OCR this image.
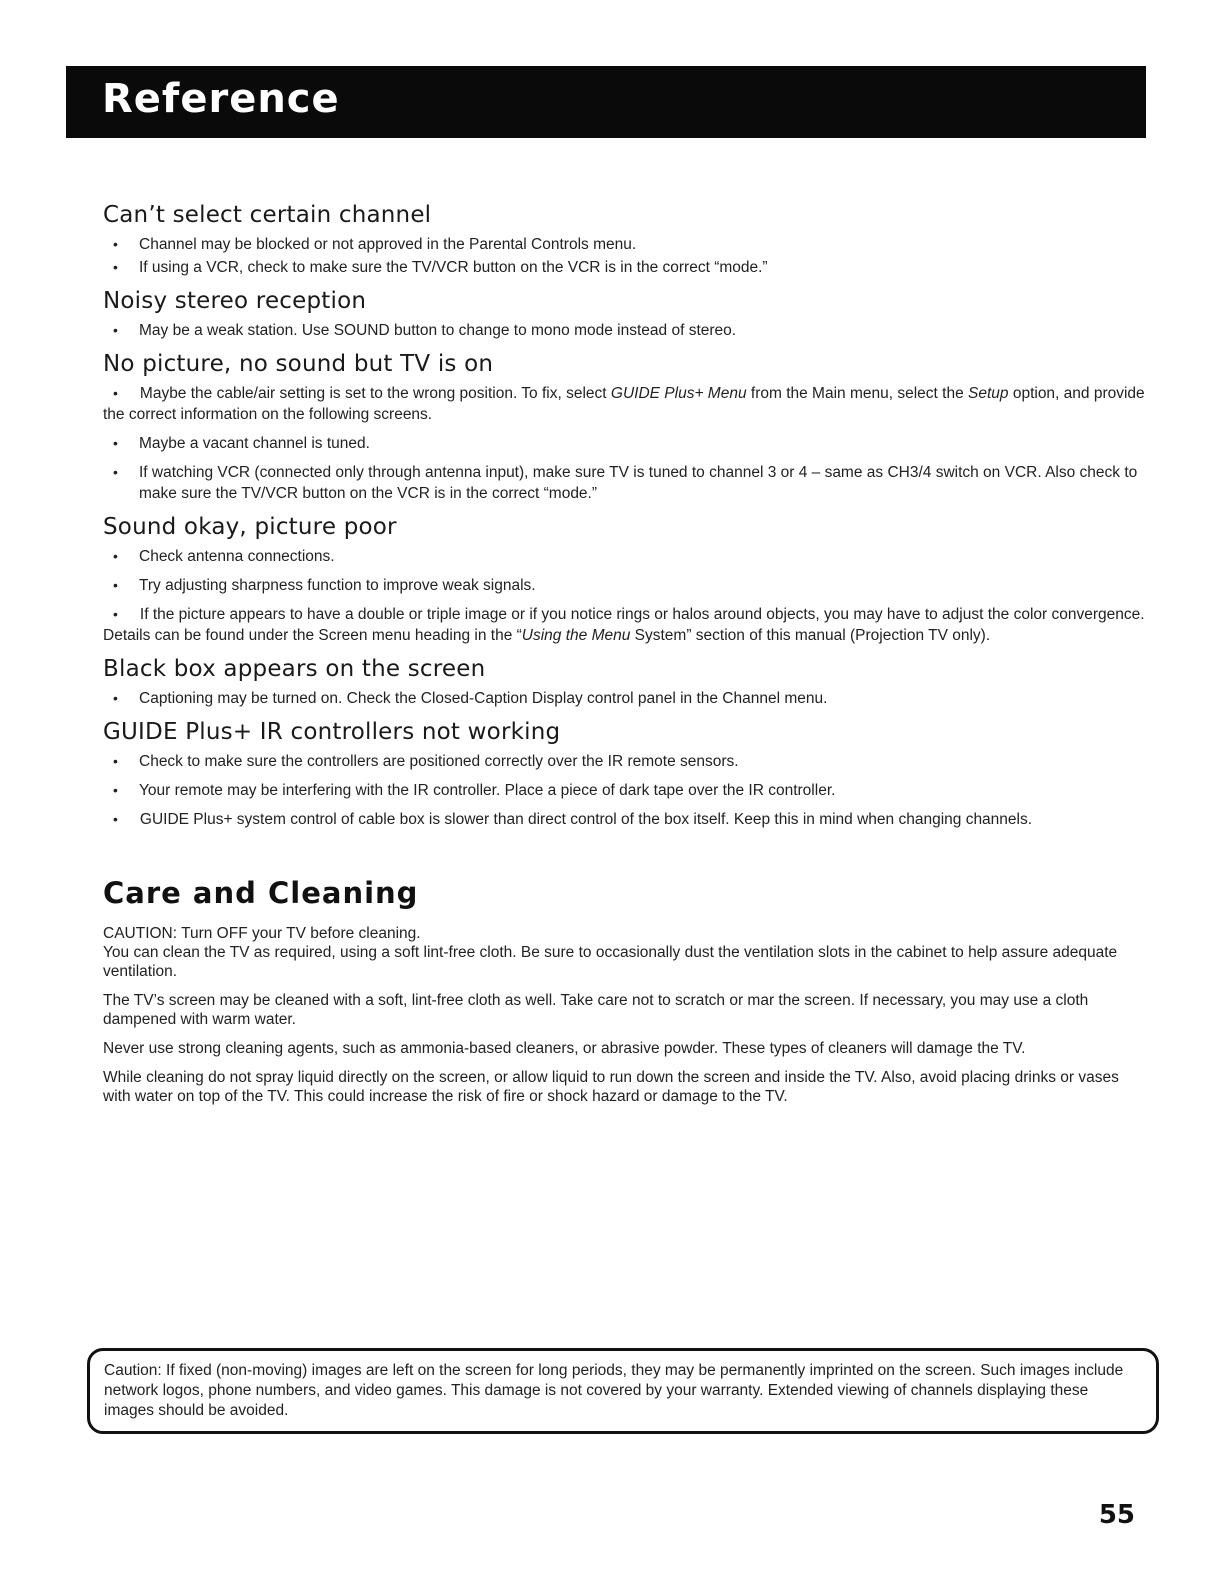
Reference
Can’t select certain channel
• Channel may be blocked or not approved in the Parental Controls menu.
• If using a VCR, check to make sure the TV/VCR button on the VCR is in the correct “mode.”
Noisy stereo reception
• May be a weak station. Use SOUND button to change to mono mode instead of stereo.
No picture, no sound but TV is on
• Maybe the cable/air setting is set to the wrong position. To fix, select GUIDE Plus+ Menu from the Main menu, select the Setup option, and provide the correct information on the following screens.
• Maybe a vacant channel is tuned.
• If watching VCR (connected only through antenna input), make sure TV is tuned to channel 3 or 4 – same as CH3/4 switch on VCR. Also check to make sure the TV/VCR button on the VCR is in the correct “mode.”
Sound okay, picture poor
• Check antenna connections.
• Try adjusting sharpness function to improve weak signals.
• If the picture appears to have a double or triple image or if you notice rings or halos around objects, you may have to adjust the color convergence. Details can be found under the Screen menu heading in the “Using the Menu System” section of this manual (Projection TV only).
Black box appears on the screen
• Captioning may be turned on. Check the Closed-Caption Display control panel in the Channel menu.
GUIDE Plus+ IR controllers not working
• Check to make sure the controllers are positioned correctly over the IR remote sensors.
• Your remote may be interfering with the IR controller. Place a piece of dark tape over the IR controller.
• GUIDE Plus+ system control of cable box is slower than direct control of the box itself. Keep this in mind when changing channels.
Care and Cleaning

CAUTION: Turn OFF your TV before cleaning.

You can clean the TV as required, using a soft lint-free cloth. Be sure to occasionally dust the ventilation slots in the cabinet to help assure adequate ventilation.

The TV’s screen may be cleaned with a soft, lint-free cloth as well. Take care not to scratch or mar the screen. If necessary, you may use a cloth dampened with warm water.

Never use strong cleaning agents, such as ammonia-based cleaners, or abrasive powder. These types of cleaners will damage the TV.

While cleaning do not spray liquid directly on the screen, or allow liquid to run down the screen and inside the TV. Also, avoid placing drinks or vases with water on top of the TV. This could increase the risk of fire or shock hazard or damage to the TV.

Caution: If fixed (non-moving) images are left on the screen for long periods, they may be permanently imprinted on the screen. Such images include network logos, phone numbers, and video games. This damage is not covered by your warranty. Extended viewing of channels displaying these images should be avoided.
55
